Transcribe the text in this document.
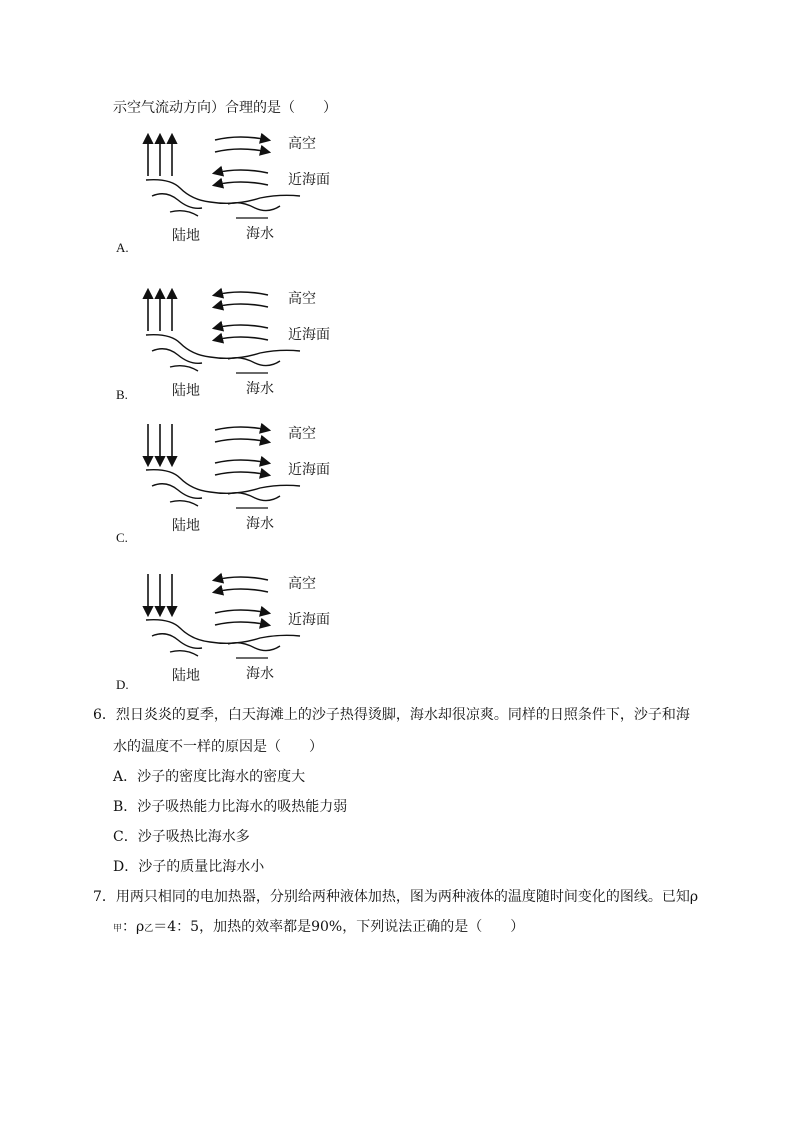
示空气流动方向）合理的是（　　）
高空
近海面
陆地	海水
A.
高空
近海面
陆地	海水
B.
高空
近海面
陆地	海水
C.
高空
近海面
陆地	海水
D.
6．烈日炎炎的夏季，白天海滩上的沙子热得烫脚，海水却很凉爽。同样的日照条件下，沙子和海
水的温度不一样的原因是（　　）
A．沙子的密度比海水的密度大
B．沙子吸热能力比海水的吸热能力弱
C．沙子吸热比海水多
D．沙子的质量比海水小
7．用两只相同的电加热器，分别给两种液体加热，图为两种液体的温度随时间变化的图线。已知ρ
甲：ρ乙＝4：5，加热的效率都是90%，下列说法正确的是（　　）
